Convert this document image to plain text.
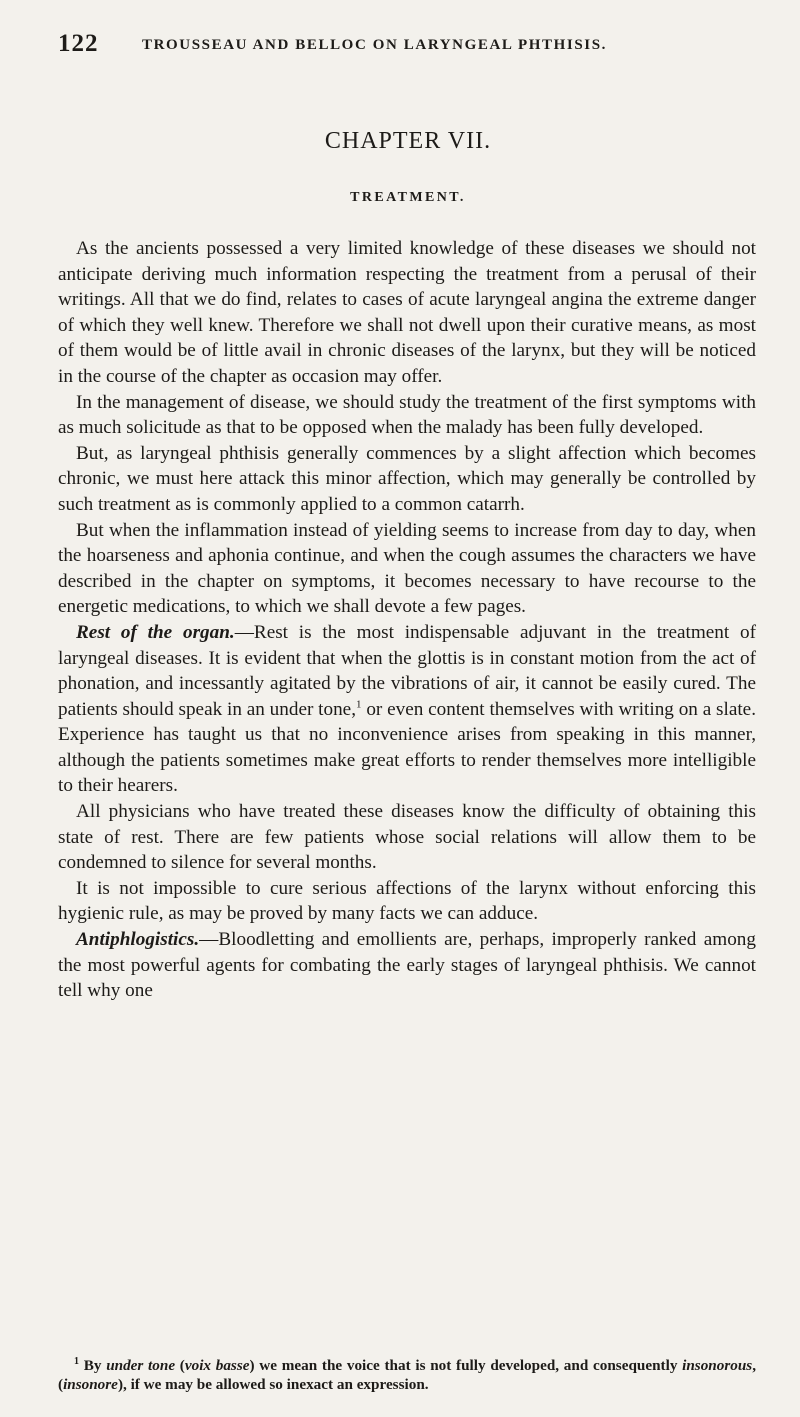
122	TROUSSEAU AND BELLOC ON LARYNGEAL PHTHISIS.
CHAPTER VII.
TREATMENT.

As the ancients possessed a very limited knowledge of these diseases we should not anticipate deriving much information respecting the treatment from a perusal of their writings. All that we do find, relates to cases of acute laryngeal angina the extreme danger of which they well knew. Therefore we shall not dwell upon their curative means, as most of them would be of little avail in chronic diseases of the larynx, but they will be noticed in the course of the chapter as occasion may offer.

In the management of disease, we should study the treatment of the first symptoms with as much solicitude as that to be opposed when the malady has been fully developed.

But, as laryngeal phthisis generally commences by a slight affection which becomes chronic, we must here attack this minor affection, which may generally be controlled by such treatment as is commonly applied to a common catarrh.

But when the inflammation instead of yielding seems to increase from day to day, when the hoarseness and aphonia continue, and when the cough assumes the characters we have described in the chapter on symptoms, it becomes necessary to have recourse to the energetic medications, to which we shall devote a few pages.

Rest of the organ.—Rest is the most indispensable adjuvant in the treatment of laryngeal diseases. It is evident that when the glottis is in constant motion from the act of phonation, and incessantly agitated by the vibrations of air, it cannot be easily cured. The patients should speak in an under tone,$^1$ or even content themselves with writing on a slate. Experience has taught us that no inconvenience arises from speaking in this manner, although the patients sometimes make great efforts to render themselves more intelligible to their hearers.

All physicians who have treated these diseases know the difficulty of obtaining this state of rest. There are few patients whose social relations will allow them to be condemned to silence for several months.

It is not impossible to cure serious affections of the larynx without enforcing this hygienic rule, as may be proved by many facts we can adduce.

Antiphlogistics.—Bloodletting and emollients are, perhaps, improperly ranked among the most powerful agents for combating the early stages of laryngeal phthisis. We cannot tell why one

$^1$ By under tone (voix basse) we mean the voice that is not fully developed, and consequently insonorous, (insonore), if we may be allowed so inexact an expression.
